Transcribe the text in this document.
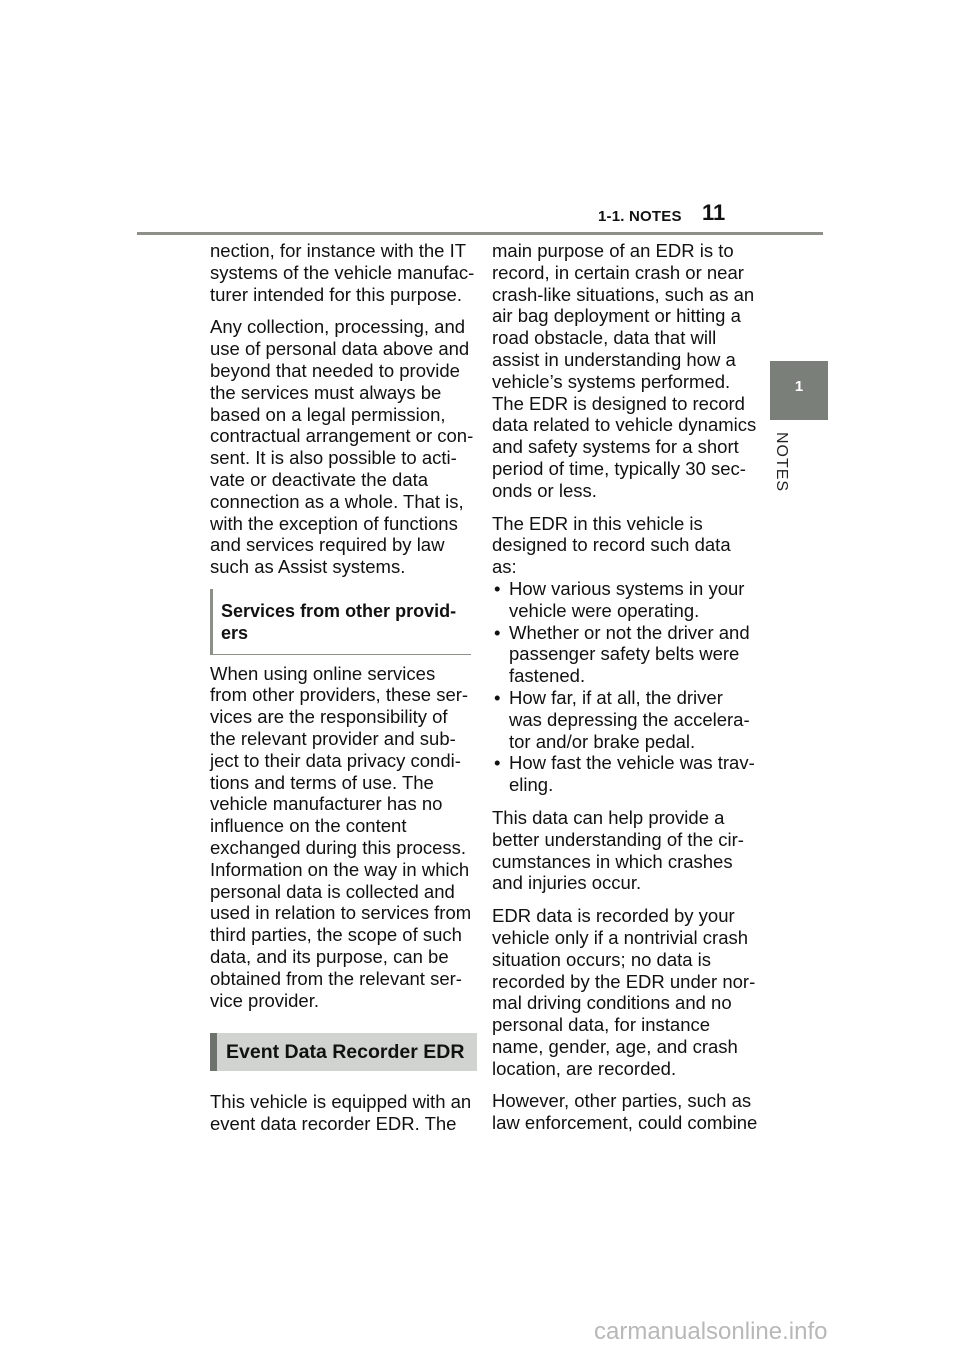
1-1. NOTES 11
1
NOTES

nection, for instance with the IT
systems of the vehicle manufac-
turer intended for this purpose.

Any collection, processing, and
use of personal data above and
beyond that needed to provide
the services must always be
based on a legal permission,
contractual arrangement or con-
sent. It is also possible to acti-
vate or deactivate the data
connection as a whole. That is,
with the exception of functions
and services required by law
such as Assist systems.

Services from other provid-
ers

When using online services
from other providers, these ser-
vices are the responsibility of
the relevant provider and sub-
ject to their data privacy condi-
tions and terms of use. The
vehicle manufacturer has no
influence on the content
exchanged during this process.
Information on the way in which
personal data is collected and
used in relation to services from
third parties, the scope of such
data, and its purpose, can be
obtained from the relevant ser-
vice provider.

Event Data Recorder EDR

This vehicle is equipped with an
event data recorder EDR. The

main purpose of an EDR is to
record, in certain crash or near
crash-like situations, such as an
air bag deployment or hitting a
road obstacle, data that will
assist in understanding how a
vehicle’s systems performed.
The EDR is designed to record
data related to vehicle dynamics
and safety systems for a short
period of time, typically 30 sec-
onds or less.

The EDR in this vehicle is
designed to record such data
as:

• How various systems in your
vehicle were operating.
• Whether or not the driver and
passenger safety belts were
fastened.
• How far, if at all, the driver
was depressing the accelera-
tor and/or brake pedal.
• How fast the vehicle was trav-
eling.

This data can help provide a
better understanding of the cir-
cumstances in which crashes
and injuries occur.

EDR data is recorded by your
vehicle only if a nontrivial crash
situation occurs; no data is
recorded by the EDR under nor-
mal driving conditions and no
personal data, for instance
name, gender, age, and crash
location, are recorded.

However, other parties, such as
law enforcement, could combine

carmanualsonline.info
